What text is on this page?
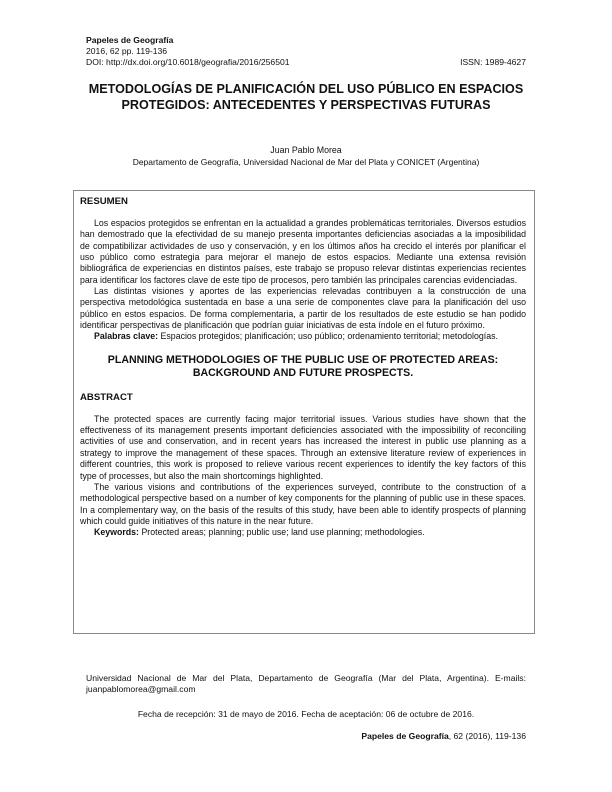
Papeles de Geografía
2016, 62 pp. 119-136
DOI: http://dx.doi.org/10.6018/geografia/2016/256501	ISSN: 1989-4627
METODOLOGÍAS DE PLANIFICACIÓN DEL USO PÚBLICO EN ESPACIOS PROTEGIDOS: ANTECEDENTES Y PERSPECTIVAS FUTURAS
Juan Pablo Morea
Departamento de Geografía, Universidad Nacional de Mar del Plata y CONICET (Argentina)
RESUMEN

Los espacios protegidos se enfrentan en la actualidad a grandes problemáticas territoriales. Diversos estudios han demostrado que la efectividad de su manejo presenta importantes deficiencias asociadas a la imposibilidad de compatibilizar actividades de uso y conservación, y en los últimos años ha crecido el interés por planificar el uso público como estrategia para mejorar el manejo de estos espacios. Mediante una extensa revisión bibliográfica de experiencias en distintos países, este trabajo se propuso relevar distintas experiencias recientes para identificar los factores clave de este tipo de procesos, pero también las principales carencias evidenciadas.

Las distintas visiones y aportes de las experiencias relevadas contribuyen a la construcción de una perspectiva metodológica sustentada en base a una serie de componentes clave para la planificación del uso público en estos espacios. De forma complementaria, a partir de los resultados de este estudio se han podido identificar perspectivas de planificación que podrían guiar iniciativas de esta índole en el futuro próximo.

Palabras clave: Espacios protegidos; planificación; uso público; ordenamiento territorial; metodologías.

PLANNING METHODOLOGIES OF THE PUBLIC USE OF PROTECTED AREAS: BACKGROUND AND FUTURE PROSPECTS.
ABSTRACT

The protected spaces are currently facing major territorial issues. Various studies have shown that the effectiveness of its management presents important deficiencies associated with the impossibility of reconciling activities of use and conservation, and in recent years has increased the interest in public use planning as a strategy to improve the management of these spaces. Through an extensive literature review of experiences in different countries, this work is proposed to relieve various recent experiences to identify the key factors of this type of processes, but also the main shortcomings highlighted.

The various visions and contributions of the experiences surveyed, contribute to the construction of a methodological perspective based on a number of key components for the planning of public use in these spaces. In a complementary way, on the basis of the results of this study, have been able to identify prospects of planning which could guide initiatives of this nature in the near future.

Keywords: Protected areas; planning; public use; land use planning; methodologies.

Universidad Nacional de Mar del Plata, Departamento de Geografía (Mar del Plata, Argentina). E-mails: juanpablomorea@gmail.com
Fecha de recepción: 31 de mayo de 2016. Fecha de aceptación: 06 de octubre de 2016.
Papeles de Geografía, 62 (2016), 119-136
